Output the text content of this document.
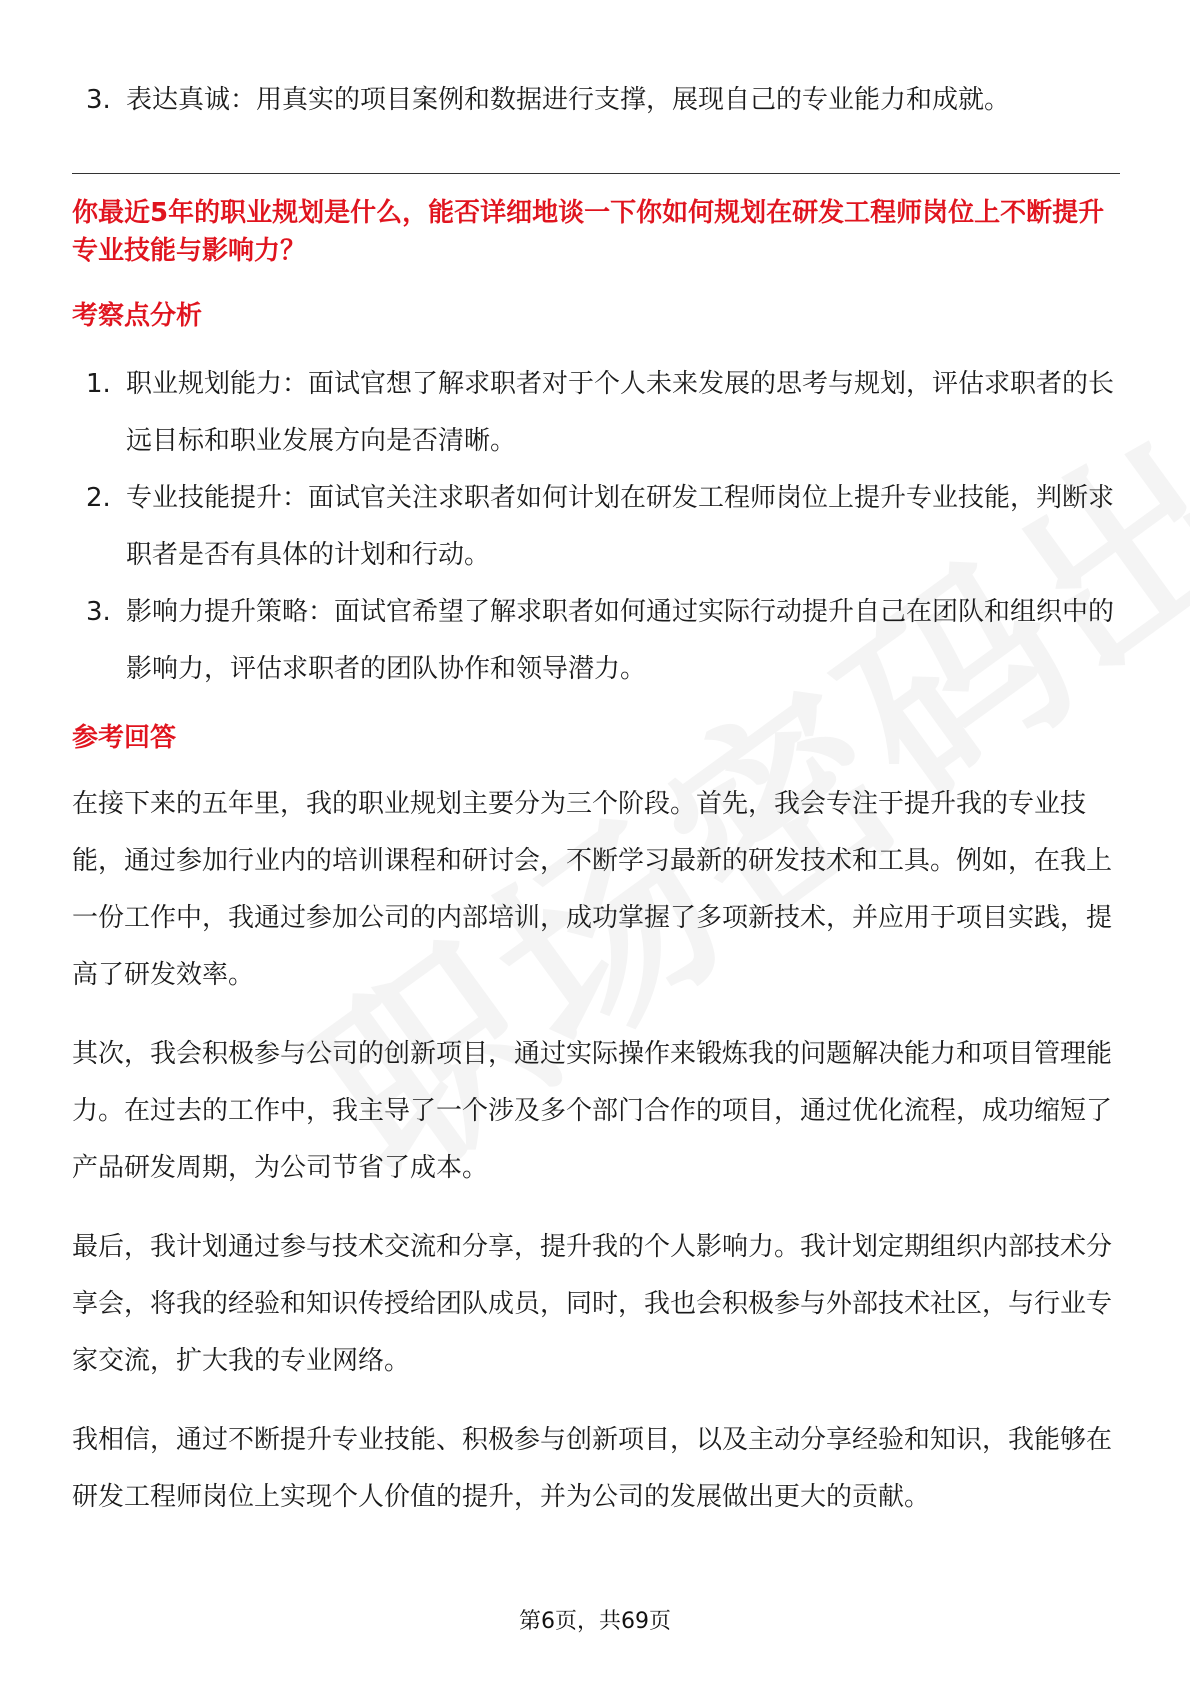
3. 表达真诚：用真实的项目案例和数据进行支撑，展现自己的专业能力和成就。

你最近5年的职业规划是什么，能否详细地谈一下你如何规划在研发工程师岗位上不断提升专业技能与影响力？

考察点分析
1. 职业规划能力：面试官想了解求职者对于个人未来发展的思考与规划，评估求职者的长远目标和职业发展方向是否清晰。
2. 专业技能提升：面试官关注求职者如何计划在研发工程师岗位上提升专业技能，判断求职者是否有具体的计划和行动。
3. 影响力提升策略：面试官希望了解求职者如何通过实际行动提升自己在团队和组织中的影响力，评估求职者的团队协作和领导潜力。
参考回答

在接下来的五年里，我的职业规划主要分为三个阶段。首先，我会专注于提升我的专业技能，通过参加行业内的培训课程和研讨会，不断学习最新的研发技术和工具。例如，在我上一份工作中，我通过参加公司的内部培训，成功掌握了多项新技术，并应用于项目实践，提高了研发效率。

其次，我会积极参与公司的创新项目，通过实际操作来锻炼我的问题解决能力和项目管理能力。在过去的工作中，我主导了一个涉及多个部门合作的项目，通过优化流程，成功缩短了产品研发周期，为公司节省了成本。

最后，我计划通过参与技术交流和分享，提升我的个人影响力。我计划定期组织内部技术分享会，将我的经验和知识传授给团队成员，同时，我也会积极参与外部技术社区，与行业专家交流，扩大我的专业网络。

我相信，通过不断提升专业技能、积极参与创新项目，以及主动分享经验和知识，我能够在研发工程师岗位上实现个人价值的提升，并为公司的发展做出更大的贡献。

第6页，共69页
